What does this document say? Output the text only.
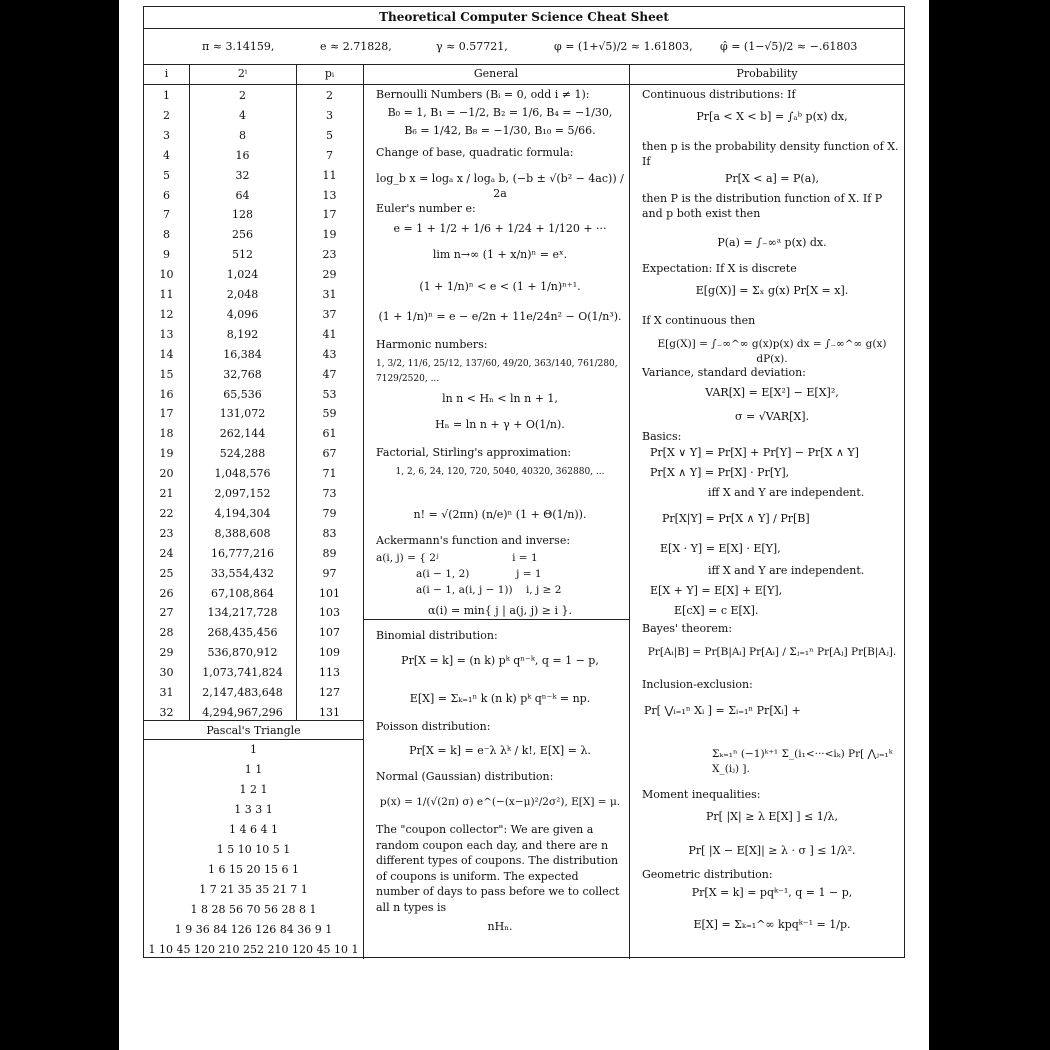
Theoretical Computer Science Cheat Sheet
π ≈ 3.14159,	e ≈ 2.71828,	γ ≈ 0.57721,	φ = (1+√5)/2 ≈ 1.61803, φ̂ = (1−√5)/2 ≈ −.61803
i	2ⁱ	pᵢ	General	Probability
1	2	2
2	4	3
3	8	5
4	16	7
5	32	11
6	64	13
7	128	17
8	256	19
9	512	23
10	1,024	29
11	2,048	31
12	4,096	37
13	8,192	41
14	16,384	43
15	32,768	47
16	65,536	53
17	131,072	59
18	262,144	61
19	524,288	67
20	1,048,576	71
21	2,097,152	73
22	4,194,304	79
23	8,388,608	83
24	16,777,216	89
25	33,554,432	97
26	67,108,864	101
27	134,217,728	103
28	268,435,456	107
29	536,870,912	109
30	1,073,741,824	113
31	2,147,483,648	127
32	4,294,967,296	131
Pascal's Triangle
1
1 1
1 2 1
1 3 3 1
1 4 6 4 1
1 5 10 10 5 1
1 6 15 20 15 6 1
1 7 21 35 35 21 7 1
1 8 28 56 70 56 28 8 1
1 9 36 84 126 126 84 36 9 1
1 10 45 120 210 252 210 120 45 10 1
Bernoulli Numbers (Bᵢ = 0, odd i ≠ 1):
B₀ = 1, B₁ = −1/2, B₂ = 1/6, B₄ = −1/30,
B₆ = 1/42, B₈ = −1/30, B₁₀ = 5/66.
Change of base, quadratic formula:
log_b x = logₐ x / logₐ b, (−b ± √(b² − 4ac)) / 2a
Euler's number e:
e = 1 + 1/2 + 1/6 + 1/24 + 1/120 + ···
lim n→∞ (1 + x/n)ⁿ = eˣ.
(1 + 1/n)ⁿ < e < (1 + 1/n)ⁿ⁺¹.
(1 + 1/n)ⁿ = e − e/2n + 11e/24n² − O(1/n³).
Harmonic numbers:
1, 3/2, 11/6, 25/12, 137/60, 49/20, 363/140, 761/280, 7129/2520, ...
ln n < Hₙ < ln n + 1,
Hₙ = ln n + γ + O(1/n).
Factorial, Stirling's approximation:
1, 2, 6, 24, 120, 720, 5040, 40320, 362880, ...
n! = √(2πn) (n/e)ⁿ (1 + Θ(1/n)).
Ackermann's function and inverse:
a(i, j) = { 2ʲ                      i = 1
a(i − 1, 2)              j = 1
a(i − 1, a(i, j − 1))    i, j ≥ 2
α(i) = min{ j | a(j, j) ≥ i }.
Binomial distribution:
Pr[X = k] = (n k) pᵏ qⁿ⁻ᵏ, q = 1 − p,
E[X] = Σₖ₌₁ⁿ k (n k) pᵏ qⁿ⁻ᵏ = np.
Poisson distribution:
Pr[X = k] = e⁻λ λᵏ / k!, E[X] = λ.
Normal (Gaussian) distribution:
p(x) = 1/(√(2π) σ) e^(−(x−μ)²/2σ²), E[X] = μ.
The "coupon collector": We are given a random coupon each day, and there are n different types of coupons. The distribution of coupons is uniform. The expected number of days to pass before we to collect all n types is
nHₙ.
Continuous distributions: If
Pr[a < X < b] = ∫ₐᵇ p(x) dx,
then p is the probability density function of X. If
Pr[X < a] = P(a),
then P is the distribution function of X. If P and p both exist then
P(a) = ∫₋∞ᵃ p(x) dx.
Expectation: If X is discrete
E[g(X)] = Σₓ g(x) Pr[X = x].
If X continuous then
E[g(X)] = ∫₋∞^∞ g(x)p(x) dx = ∫₋∞^∞ g(x) dP(x).
Variance, standard deviation:
VAR[X] = E[X²] − E[X]²,
σ = √VAR[X].
Basics:
Pr[X ∨ Y] = Pr[X] + Pr[Y] − Pr[X ∧ Y]
Pr[X ∧ Y] = Pr[X] · Pr[Y],
iff X and Y are independent.
Pr[X|Y] = Pr[X ∧ Y] / Pr[B]
E[X · Y] = E[X] · E[Y],
iff X and Y are independent.
E[X + Y] = E[X] + E[Y],
E[cX] = c E[X].
Bayes' theorem:
Pr[Aᵢ|B] = Pr[B|Aᵢ] Pr[Aᵢ] / Σⱼ₌₁ⁿ Pr[Aⱼ] Pr[B|Aⱼ].
Inclusion-exclusion:
Pr[ ⋁ᵢ₌₁ⁿ Xᵢ ] = Σᵢ₌₁ⁿ Pr[Xᵢ] +
Σₖ₌₁ⁿ (−1)ᵏ⁺¹ Σ_(i₁<···<iₖ) Pr[ ⋀ⱼ₌₁ᵏ X_(iⱼ) ].
Moment inequalities:
Pr[ |X| ≥ λ E[X] ] ≤ 1/λ,
Pr[ |X − E[X]| ≥ λ · σ ] ≤ 1/λ².
Geometric distribution:
Pr[X = k] = pqᵏ⁻¹, q = 1 − p,
E[X] = Σₖ₌₁^∞ kpqᵏ⁻¹ = 1/p.
